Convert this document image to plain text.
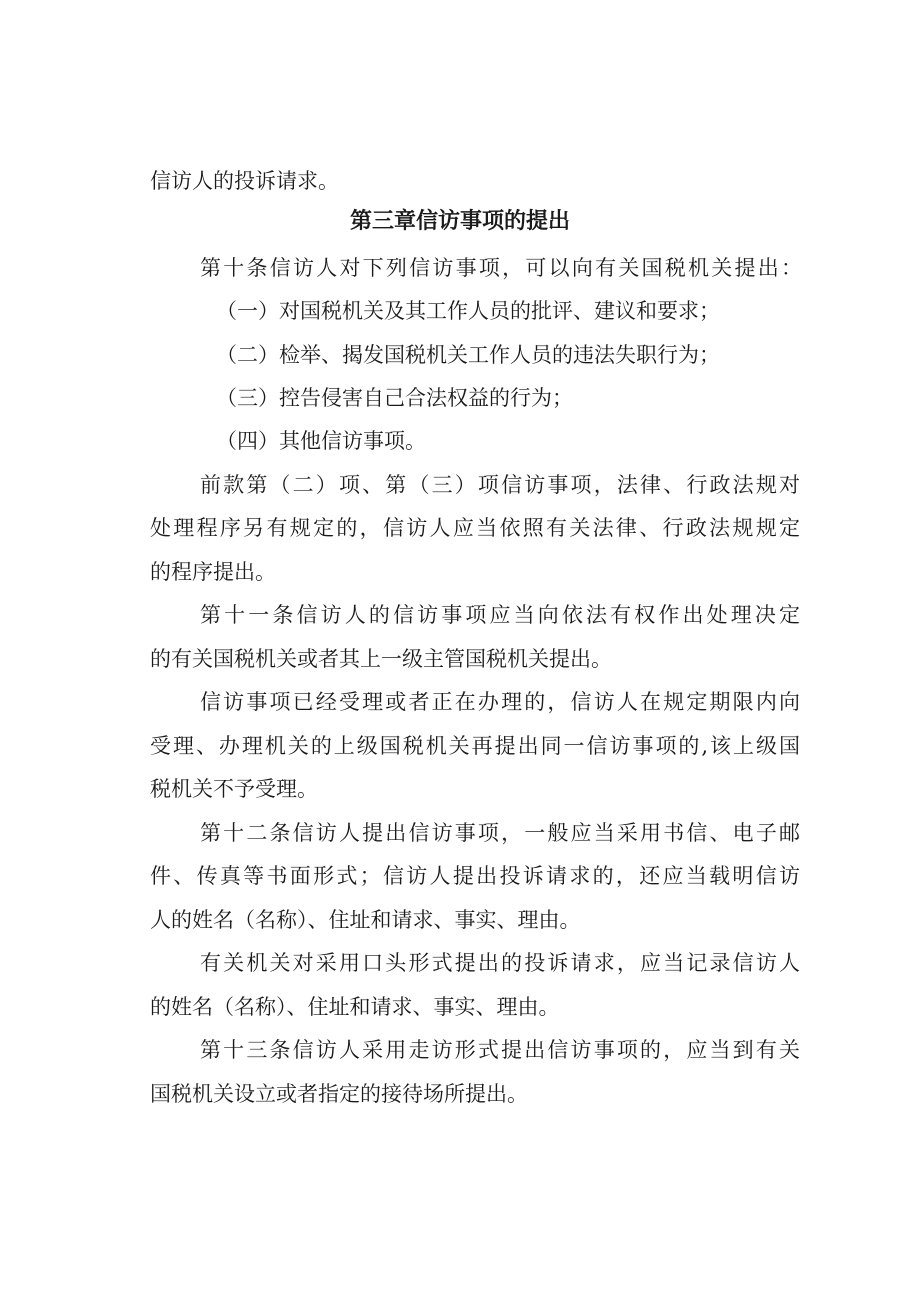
信访人的投诉请求。
第三章信访事项的提出
第十条信访人对下列信访事项，可以向有关国税机关提出：
（一）对国税机关及其工作人员的批评、建议和要求；
（二）检举、揭发国税机关工作人员的违法失职行为；
（三）控告侵害自己合法权益的行为；
（四）其他信访事项。
前款第（二）项、第（三）项信访事项，法律、行政法规对
处理程序另有规定的，信访人应当依照有关法律、行政法规规定
的程序提出。
第十一条信访人的信访事项应当向依法有权作出处理决定
的有关国税机关或者其上一级主管国税机关提出。
信访事项已经受理或者正在办理的，信访人在规定期限内向
受理、办理机关的上级国税机关再提出同一信访事项的,该上级国
税机关不予受理。
第十二条信访人提出信访事项，一般应当采用书信、电子邮
件、传真等书面形式；信访人提出投诉请求的，还应当载明信访
人的姓名（名称）、住址和请求、事实、理由。
有关机关对采用口头形式提出的投诉请求，应当记录信访人
的姓名（名称）、住址和请求、事实、理由。
第十三条信访人采用走访形式提出信访事项的，应当到有关
国税机关设立或者指定的接待场所提出。
